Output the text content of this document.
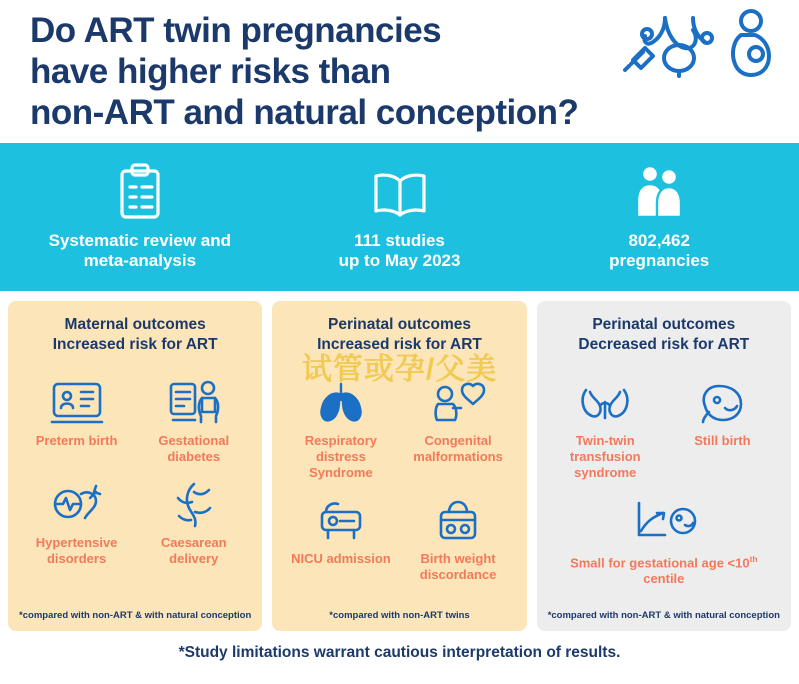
Do ART twin pregnancies
have higher risks than
non-ART and natural conception?
Systematic review and
meta-analysis
111 studies
up to May 2023
802,462
pregnancies
Maternal outcomes
Increased risk for ART
Preterm birth	Gestational diabetes
Hypertensive disorders
Caesarean delivery
*compared with non-ART & with natural conception
Perinatal outcomes
Increased risk for ART
Respiratory distress Syndrome
Congenital malformations
NICU admission	Birth weight discordance
*compared with non-ART twins
Perinatal outcomes
Decreased risk for ART
Twin-twin transfusion syndrome
Still birth
Small for gestational age <10th centile
*compared with non-ART & with natural conception
*Study limitations warrant cautious interpretation of results.
试管或孕/父美
